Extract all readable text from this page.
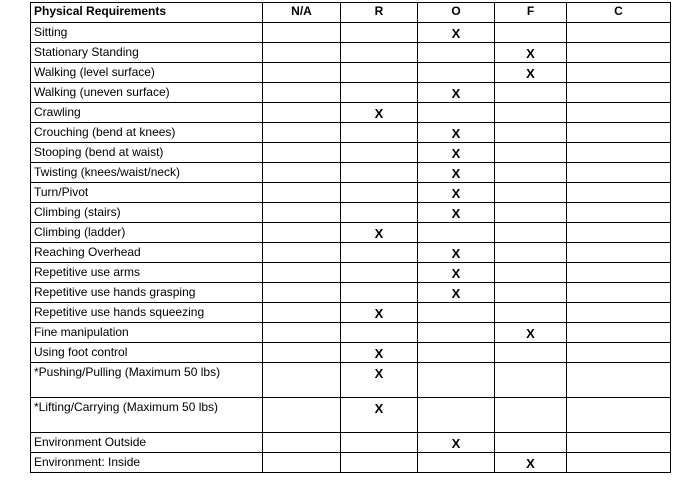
Physical Requirements	N/A	R	O	F	C
Sitting			X		
Stationary Standing				X	
Walking (level surface)				X	
Walking (uneven surface)			X		
Crawling		X			
Crouching (bend at knees)			X		
Stooping (bend at waist)			X		
Twisting (knees/waist/neck)			X		
Turn/Pivot			X		
Climbing (stairs)			X		
Climbing (ladder)		X			
Reaching Overhead			X		
Repetitive use arms			X		
Repetitive use hands grasping			X		
Repetitive use hands squeezing		X			
Fine manipulation				X	
Using foot control		X			
*Pushing/Pulling (Maximum 50 lbs)		X			
*Lifting/Carrying (Maximum 50 lbs)		X			
Environment Outside			X		
Environment: Inside				X	
